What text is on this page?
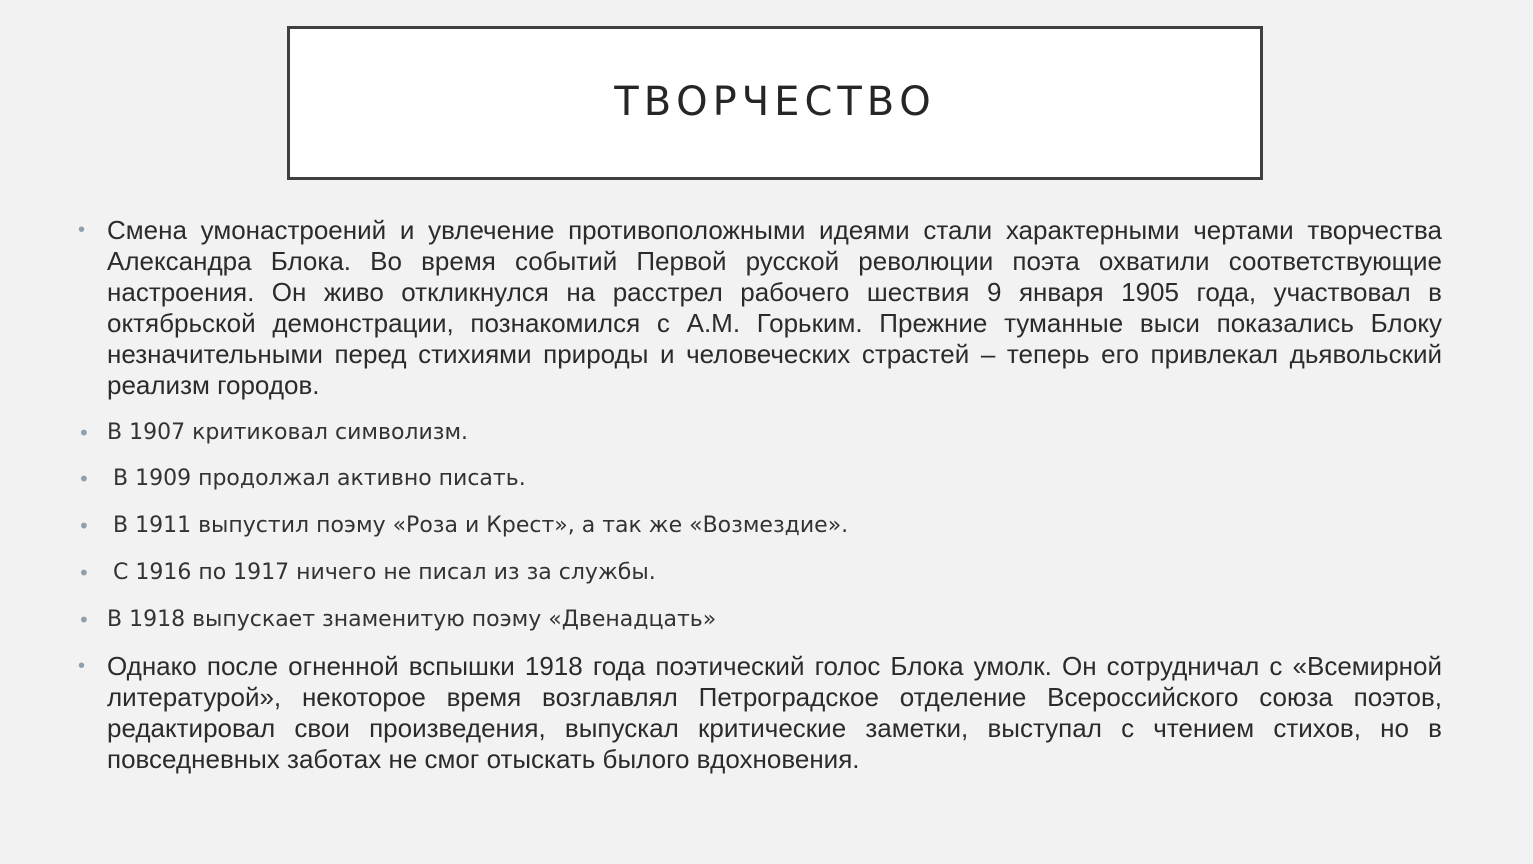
ТВОРЧЕСТВО
• Смена умонастроений и увлечение противоположными идеями стали характерными чертами творчества Александра Блока. Во время событий Первой русской революции поэта охватили соответствующие настроения. Он живо откликнулся на расстрел рабочего шествия 9 января 1905 года, участвовал в октябрьской демонстрации, познакомился с А.М. Горьким. Прежние туманные выси показались Блоку незначительными перед стихиями природы и человеческих страстей – теперь его привлекал дьявольский реализм городов.
• В 1907 критиковал символизм.
• В 1909 продолжал активно писать.
• В 1911 выпустил поэму «Роза и Крест», а так же «Возмездие».
• С 1916 по 1917 ничего не писал из за службы.
• В 1918 выпускает знаменитую поэму «Двенадцать»
• Однако после огненной вспышки 1918 года поэтический голос Блока умолк. Он сотрудничал с «Всемирной литературой», некоторое время возглавлял Петроградское отделение Всероссийского союза поэтов, редактировал свои произведения, выпускал критические заметки, выступал с чтением стихов, но в повседневных заботах не смог отыскать былого вдохновения.
